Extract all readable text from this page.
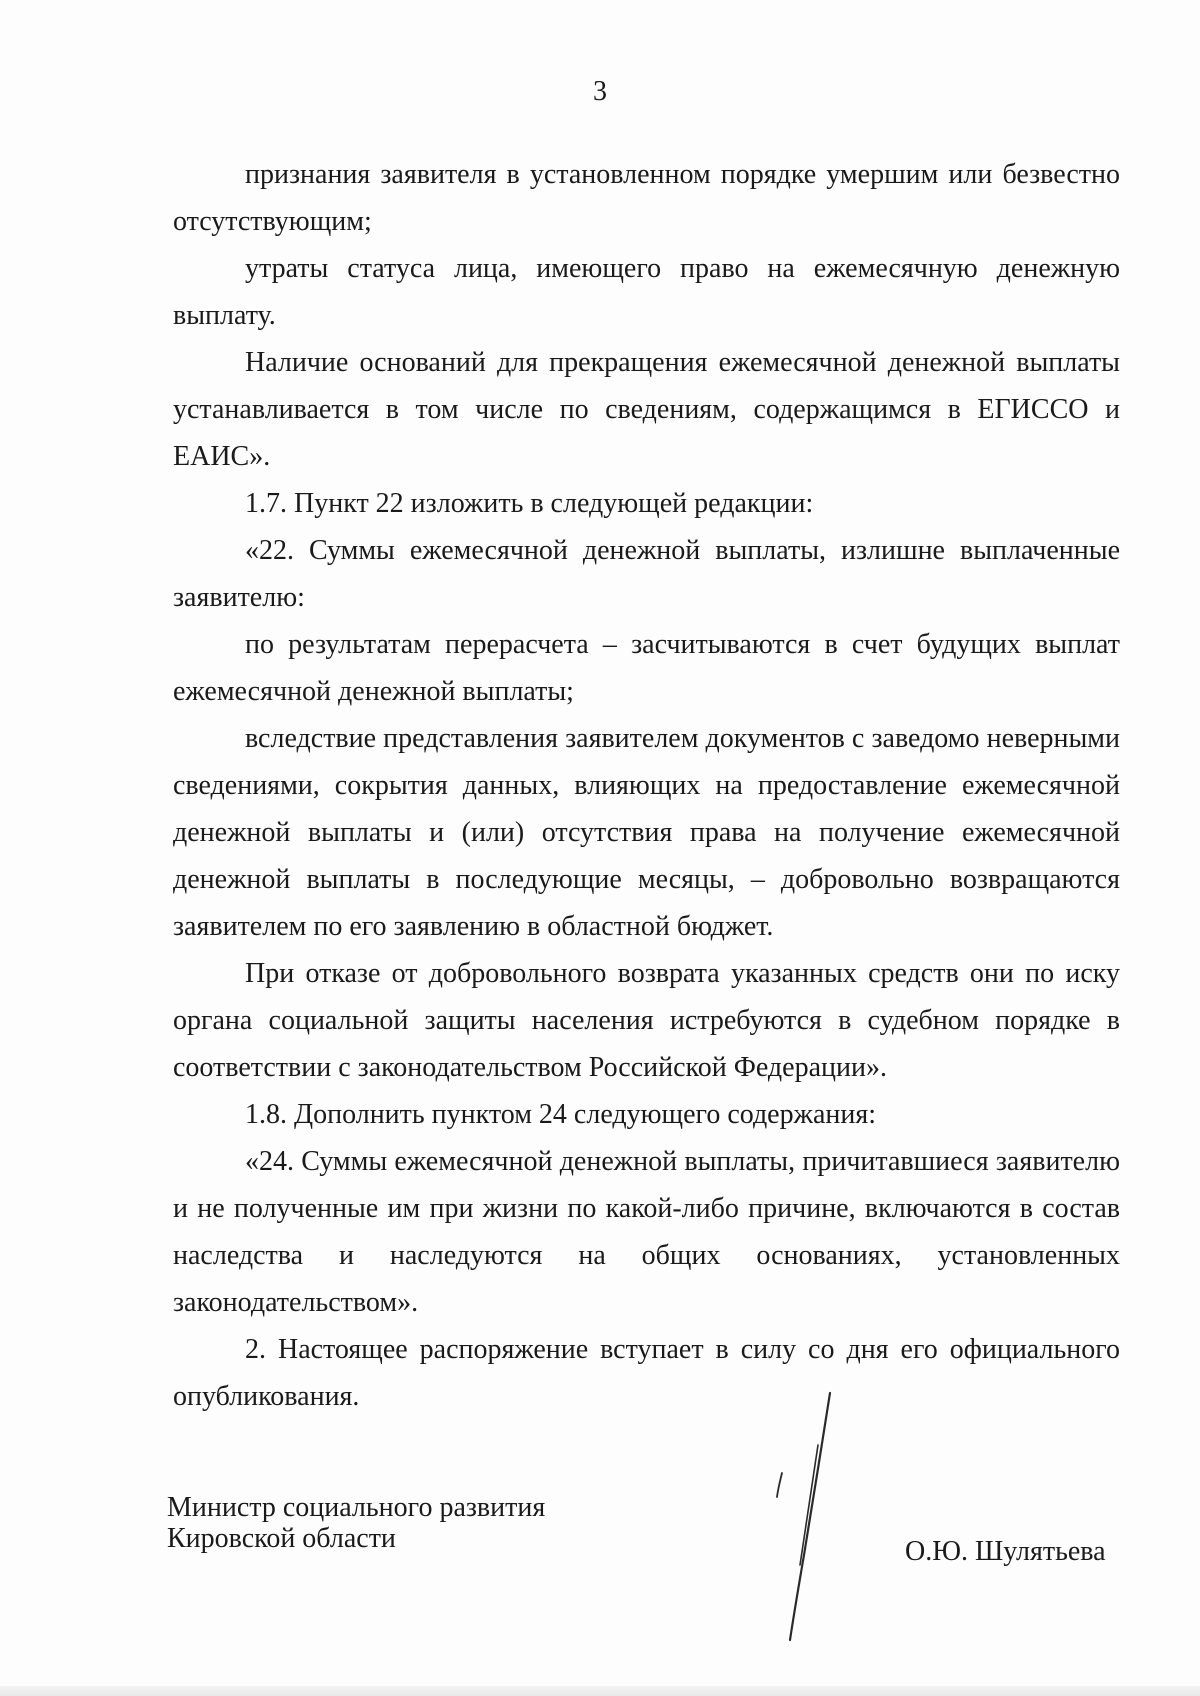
3

признания заявителя в установленном порядке умершим или безвестно отсутствующим;

утраты статуса лица, имеющего право на ежемесячную денежную выплату.

Наличие оснований для прекращения ежемесячной денежной выплаты устанавливается в том числе по сведениям, содержащимся в ЕГИССО и ЕАИС».

1.7. Пункт 22 изложить в следующей редакции:

«22. Суммы ежемесячной денежной выплаты, излишне выплаченные заявителю:

по результатам перерасчета – засчитываются в счет будущих выплат ежемесячной денежной выплаты;

вследствие представления заявителем документов с заведомо неверными сведениями, сокрытия данных, влияющих на предоставление ежемесячной денежной выплаты и (или) отсутствия права на получение ежемесячной денежной выплаты в последующие месяцы, – добровольно возвращаются заявителем по его заявлению в областной бюджет.

При отказе от добровольного возврата указанных средств они по иску органа социальной защиты населения истребуются в судебном порядке в соответствии с законодательством Российской Федерации».

1.8. Дополнить пунктом 24 следующего содержания:

«24. Суммы ежемесячной денежной выплаты, причитавшиеся заявителю и не полученные им при жизни по какой-либо причине, включаются в состав наследства и наследуются на общих основаниях, установленных законодательством».

2. Настоящее распоряжение вступает в силу со дня его официального опубликования.

Министр социального развития
Кировской области	О.Ю. Шулятьева
